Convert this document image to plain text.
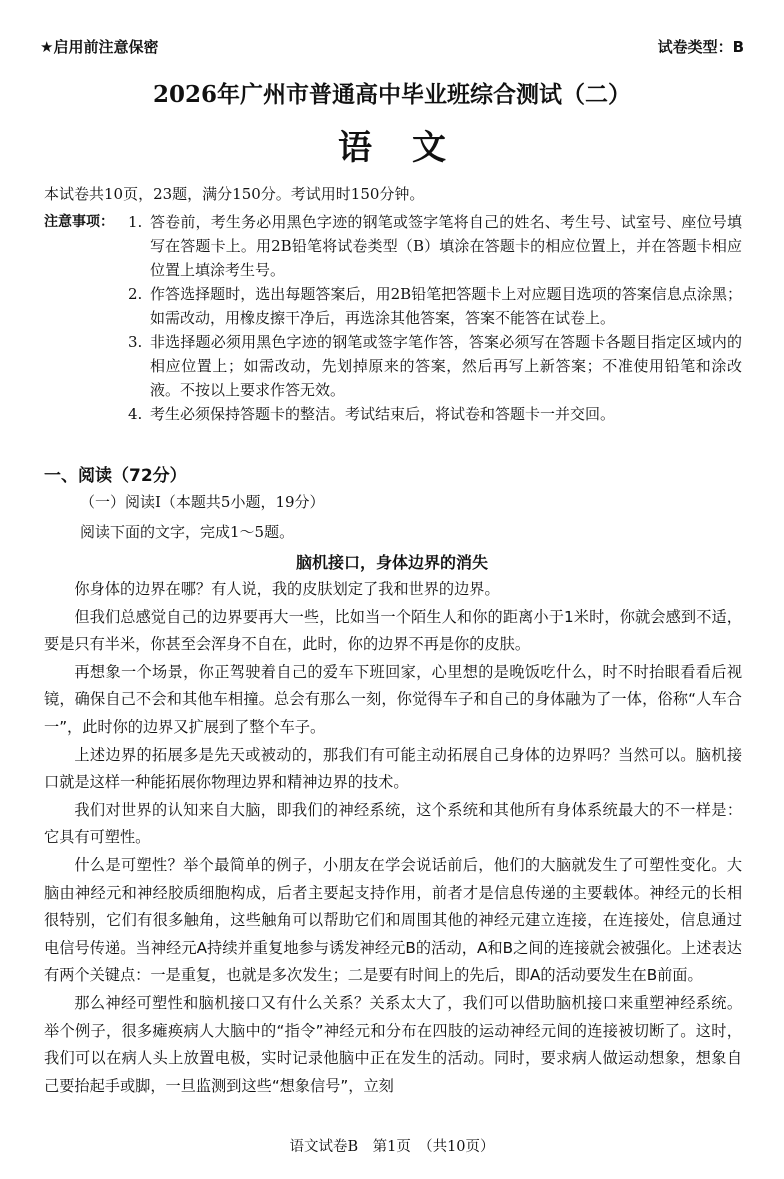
★启用前注意保密	试卷类型：B
2026年广州市普通高中毕业班综合测试（二）
语文
本试卷共10页，23题，满分150分。考试用时150分钟。
注意事项： 1. 答卷前，考生务必用黑色字迹的钢笔或签字笔将自己的姓名、考生号、试室号、座位号填写在答题卡上。用2B铅笔将试卷类型（B）填涂在答题卡的相应位置上，并在答题卡相应位置上填涂考生号。
2. 作答选择题时，选出每题答案后，用2B铅笔把答题卡上对应题目选项的答案信息点涂黑；如需改动，用橡皮擦干净后，再选涂其他答案，答案不能答在试卷上。
3. 非选择题必须用黑色字迹的钢笔或签字笔作答，答案必须写在答题卡各题目指定区域内的相应位置上；如需改动，先划掉原来的答案，然后再写上新答案；不准使用铅笔和涂改液。不按以上要求作答无效。
4. 考生必须保持答题卡的整洁。考试结束后，将试卷和答题卡一并交回。
一、阅读（72分）
（一）阅读Ⅰ（本题共5小题，19分）
阅读下面的文字，完成1～5题。
脑机接口，身体边界的消失

你身体的边界在哪？有人说，我的皮肤划定了我和世界的边界。

但我们总感觉自己的边界要再大一些，比如当一个陌生人和你的距离小于1米时，你就会感到不适，要是只有半米，你甚至会浑身不自在，此时，你的边界不再是你的皮肤。

再想象一个场景，你正驾驶着自己的爱车下班回家，心里想的是晚饭吃什么，时不时抬眼看看后视镜，确保自己不会和其他车相撞。总会有那么一刻，你觉得车子和自己的身体融为了一体，俗称“人车合一”，此时你的边界又扩展到了整个车子。

上述边界的拓展多是先天或被动的，那我们有可能主动拓展自己身体的边界吗？当然可以。脑机接口就是这样一种能拓展你物理边界和精神边界的技术。

我们对世界的认知来自大脑，即我们的神经系统，这个系统和其他所有身体系统最大的不一样是：它具有可塑性。

什么是可塑性？举个最简单的例子，小朋友在学会说话前后，他们的大脑就发生了可塑性变化。大脑由神经元和神经胶质细胞构成，后者主要起支持作用，前者才是信息传递的主要载体。神经元的长相很特别，它们有很多触角，这些触角可以帮助它们和周围其他的神经元建立连接，在连接处，信息通过电信号传递。当神经元A持续并重复地参与诱发神经元B的活动，A和B之间的连接就会被强化。上述表达有两个关键点：一是重复，也就是多次发生；二是要有时间上的先后，即A的活动要发生在B前面。

那么神经可塑性和脑机接口又有什么关系？关系太大了，我们可以借助脑机接口来重塑神经系统。举个例子，很多瘫痪病人大脑中的“指令”神经元和分布在四肢的运动神经元间的连接被切断了。这时，我们可以在病人头上放置电极，实时记录他脑中正在发生的活动。同时，要求病人做运动想象，想象自己要抬起手或脚，一旦监测到这些“想象信号”，立刻

语文试卷B　第1页　（共10页）
